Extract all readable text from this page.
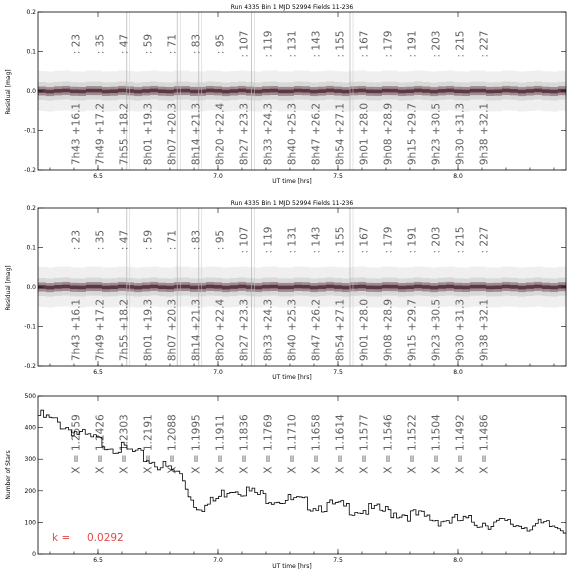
Run 4335 Bin 1 MJD 52994 Fields 11-236
: 23
7h43 +16.1
: 35
7h49 +17.2
: 47
7h55 +18.2
: 59
8h01 +19.3
: 71
8h07 +20.3
: 83
8h14 +21.3
: 95
8h20 +22.4
: 107
8h27 +23.3
: 119
8h33 +24.3
: 131
8h40 +25.3
: 143
8h47 +26.2
: 155
8h54 +27.1
: 167
9h01 +28.0
: 179
9h08 +28.9
: 191
9h15 +29.7
: 203
9h23 +30.5
: 215
9h30 +31.3
: 227
9h38 +32.1
6.5	7.0	7.5	8.0
-0.2
-0.1
0.0
0.1
0.2
UT time [hrs]
Residual [mag]
Run 4335 Bin 1 MJD 52994 Fields 11-236
: 23
7h43 +16.1
: 35
7h49 +17.2
: 47
7h55 +18.2
: 59
8h01 +19.3
: 71
8h07 +20.3
: 83
8h14 +21.3
: 95
8h20 +22.4
: 107
8h27 +23.3
: 119
8h33 +24.3
: 131
8h40 +25.3
: 143
8h47 +26.2
: 155
8h54 +27.1
: 167
9h01 +28.0
: 179
9h08 +28.9
: 191
9h15 +29.7
: 203
9h23 +30.5
: 215
9h30 +31.3
: 227
9h38 +32.1
6.5	7.0	7.5	8.0
-0.2
-0.1
0.0
0.1
0.2
UT time [hrs]
Residual [mag]
X = 1.2559 X = 1.2426 X = 1.2303 X = 1.2191 X = 1.2088 X = 1.1995 X = 1.1911 X = 1.1836 X = 1.1769 X = 1.1710 X = 1.1658 X = 1.1614 X = 1.1577 X = 1.1546 X = 1.1522 X = 1.1504 X = 1.1492 X = 1.1486
6.5	7.0	7.5	8.0
0
100
200
300
400
500
k = 0.0292
UT time [hrs]
Number of Stars
